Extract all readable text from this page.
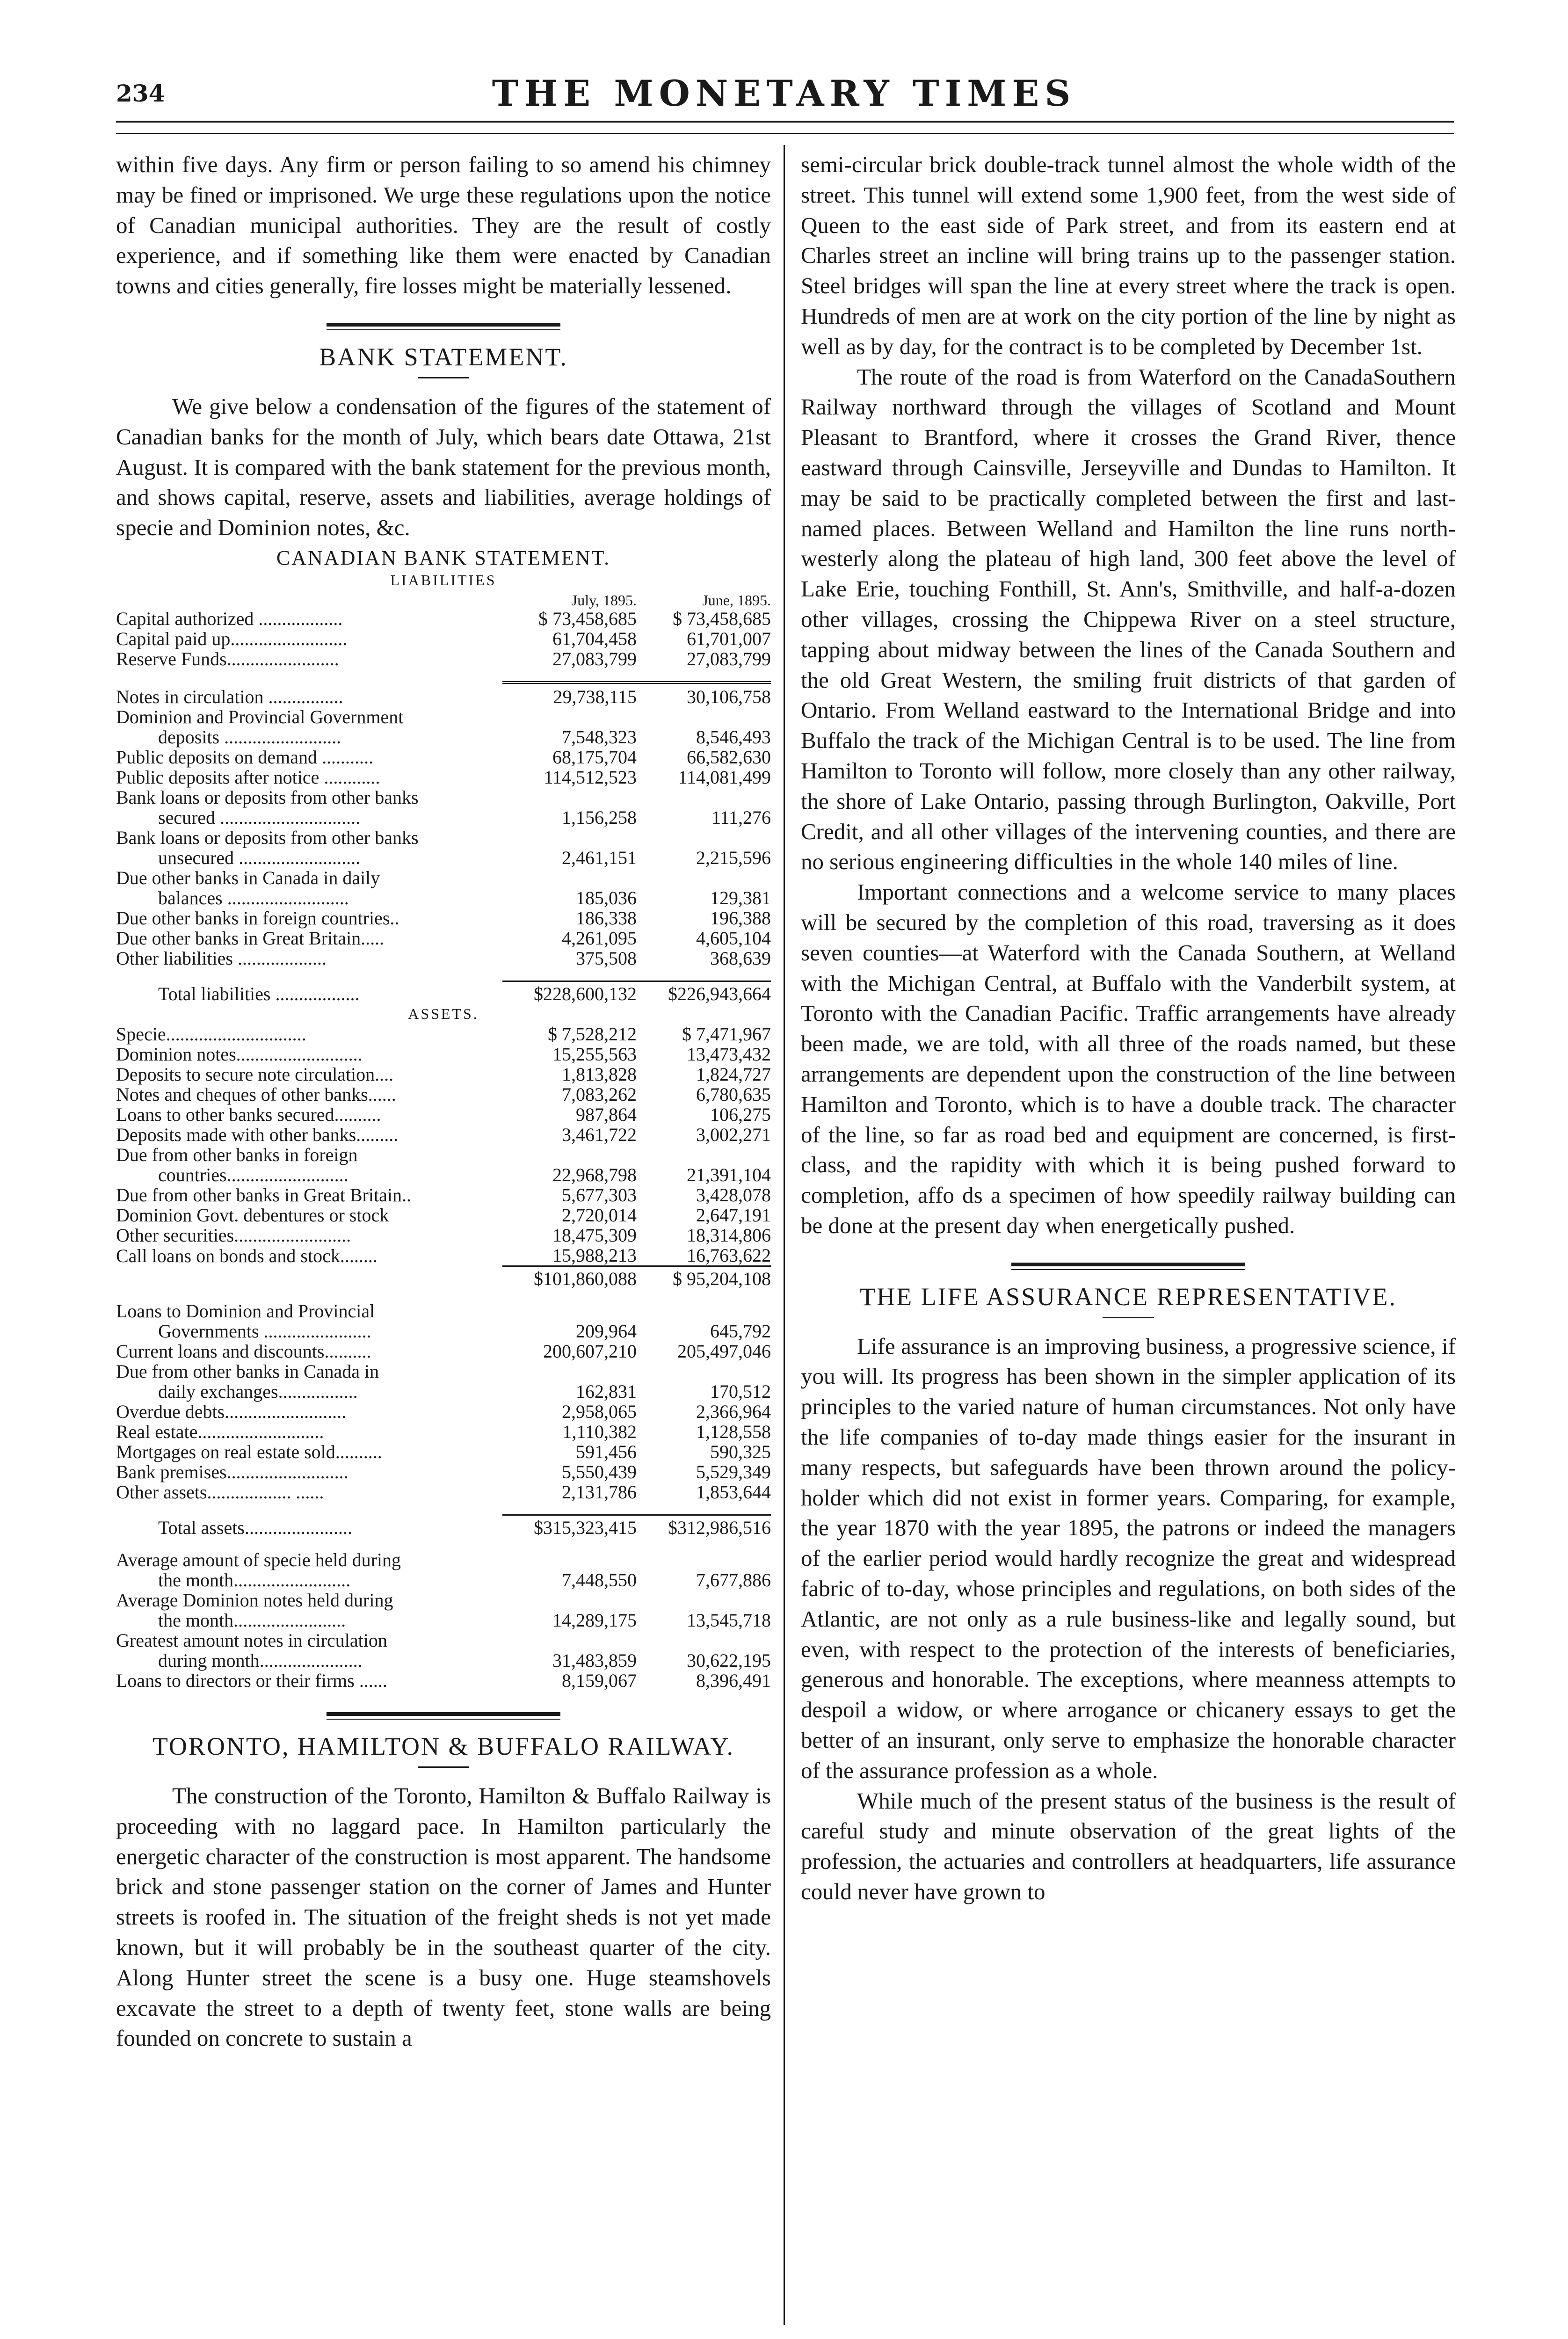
234	THE MONETARY TIMES

within five days. Any firm or person failing to so amend his chimney may be fined or imprisoned. We urge these regulations upon the notice of Canadian municipal authorities. They are the result of costly experience, and if something like them were enacted by Canadian towns and cities generally, fire losses might be materially lessened.

BANK STATEMENT.

We give below a condensation of the figures of the statement of Canadian banks for the month of July, which bears date Ottawa, 21st August. It is compared with the bank statement for the previous month, and shows capital, reserve, assets and liabilities, average holdings of specie and Dominion notes, &c.

CANADIAN BANK STATEMENT.
LIABILITIES
	July, 1895.	June, 1895.
Capital authorized ..................	$ 73,458,685	$ 73,458,685
Capital paid up.........................	61,704,458	61,701,007
Reserve Funds........................	27,083,799	27,083,799

Notes in circulation ................	29,738,115	30,106,758
Dominion and Provincial Government		
deposits .........................	7,548,323	8,546,493
Public deposits on demand ...........	68,175,704	66,582,630
Public deposits after notice ............	114,512,523	114,081,499
Bank loans or deposits from other banks		
secured ..............................	1,156,258	111,276
Bank loans or deposits from other banks		
unsecured ..........................	2,461,151	2,215,596
Due other banks in Canada in daily		
balances ..........................	185,036	129,381
Due other banks in foreign countries..	186,338	196,388
Due other banks in Great Britain.....	4,261,095	4,605,104
Other liabilities ...................	375,508	368,639

Total liabilities ..................	$228,600,132	$226,943,664
ASSETS.		
Specie..............................	$ 7,528,212	$ 7,471,967
Dominion notes...........................	15,255,563	13,473,432
Deposits to secure note circulation....	1,813,828	1,824,727
Notes and cheques of other banks......	7,083,262	6,780,635
Loans to other banks secured..........	987,864	106,275
Deposits made with other banks.........	3,461,722	3,002,271
Due from other banks in foreign		
countries..........................	22,968,798	21,391,104
Due from other banks in Great Britain..	5,677,303	3,428,078
Dominion Govt. debentures or stock	2,720,014	2,647,191
Other securities.........................	18,475,309	18,314,806
Call loans on bonds and stock........	15,988,213	16,763,622
	$101,860,088	$ 95,204,108

Loans to Dominion and Provincial		
Governments .......................	209,964	645,792
Current loans and discounts..........	200,607,210	205,497,046
Due from other banks in Canada in		
daily exchanges.................	162,831	170,512
Overdue debts..........................	2,958,065	2,366,964
Real estate...........................	1,110,382	1,128,558
Mortgages on real estate sold..........	591,456	590,325
Bank premises..........................	5,550,439	5,529,349
Other assets.................. ......	2,131,786	1,853,644

Total assets.......................	$315,323,415	$312,986,516

Average amount of specie held during		
the month.........................	7,448,550	7,677,886
Average Dominion notes held during		
the month........................	14,289,175	13,545,718
Greatest amount notes in circulation		
during month......................	31,483,859	30,622,195
Loans to directors or their firms ......	8,159,067	8,396,491
TORONTO, HAMILTON & BUFFALO RAILWAY.

The construction of the Toronto, Hamilton & Buffalo Railway is proceeding with no laggard pace. In Hamilton particularly the energetic character of the construction is most apparent. The handsome brick and stone passenger station on the corner of James and Hunter streets is roofed in. The situation of the freight sheds is not yet made known, but it will probably be in the southeast quarter of the city. Along Hunter street the scene is a busy one. Huge steamshovels excavate the street to a depth of twenty feet, stone walls are being founded on concrete to sustain a

semi-circular brick double-track tunnel almost the whole width of the street. This tunnel will extend some 1,900 feet, from the west side of Queen to the east side of Park street, and from its eastern end at Charles street an incline will bring trains up to the passenger station. Steel bridges will span the line at every street where the track is open. Hundreds of men are at work on the city portion of the line by night as well as by day, for the contract is to be completed by December 1st.

The route of the road is from Waterford on the CanadaSouthern Railway northward through the villages of Scotland and Mount Pleasant to Brantford, where it crosses the Grand River, thence eastward through Cainsville, Jerseyville and Dundas to Hamilton. It may be said to be practically completed between the first and last-named places. Between Welland and Hamilton the line runs north-westerly along the plateau of high land, 300 feet above the level of Lake Erie, touching Fonthill, St. Ann's, Smithville, and half-a-dozen other villages, crossing the Chippewa River on a steel structure, tapping about midway between the lines of the Canada Southern and the old Great Western, the smiling fruit districts of that garden of Ontario. From Welland eastward to the International Bridge and into Buffalo the track of the Michigan Central is to be used. The line from Hamilton to Toronto will follow, more closely than any other railway, the shore of Lake Ontario, passing through Burlington, Oakville, Port Credit, and all other villages of the intervening counties, and there are no serious engineering difficulties in the whole 140 miles of line.

Important connections and a welcome service to many places will be secured by the completion of this road, traversing as it does seven counties—at Waterford with the Canada Southern, at Welland with the Michigan Central, at Buffalo with the Vanderbilt system, at Toronto with the Canadian Pacific. Traffic arrangements have already been made, we are told, with all three of the roads named, but these arrangements are dependent upon the construction of the line between Hamilton and Toronto, which is to have a double track. The character of the line, so far as road bed and equipment are concerned, is first-class, and the rapidity with which it is being pushed forward to completion, affo ds a specimen of how speedily railway building can be done at the present day when energetically pushed.

THE LIFE ASSURANCE REPRESENTATIVE.

Life assurance is an improving business, a progressive science, if you will. Its progress has been shown in the simpler application of its principles to the varied nature of human circumstances. Not only have the life companies of to-day made things easier for the insurant in many respects, but safeguards have been thrown around the policy-holder which did not exist in former years. Comparing, for example, the year 1870 with the year 1895, the patrons or indeed the managers of the earlier period would hardly recognize the great and widespread fabric of to-day, whose principles and regulations, on both sides of the Atlantic, are not only as a rule business-like and legally sound, but even, with respect to the protection of the interests of beneficiaries, generous and honorable. The exceptions, where meanness attempts to despoil a widow, or where arrogance or chicanery essays to get the better of an insurant, only serve to emphasize the honorable character of the assurance profession as a whole.

While much of the present status of the business is the result of careful study and minute observation of the great lights of the profession, the actuaries and controllers at headquarters, life assurance could never have grown to
